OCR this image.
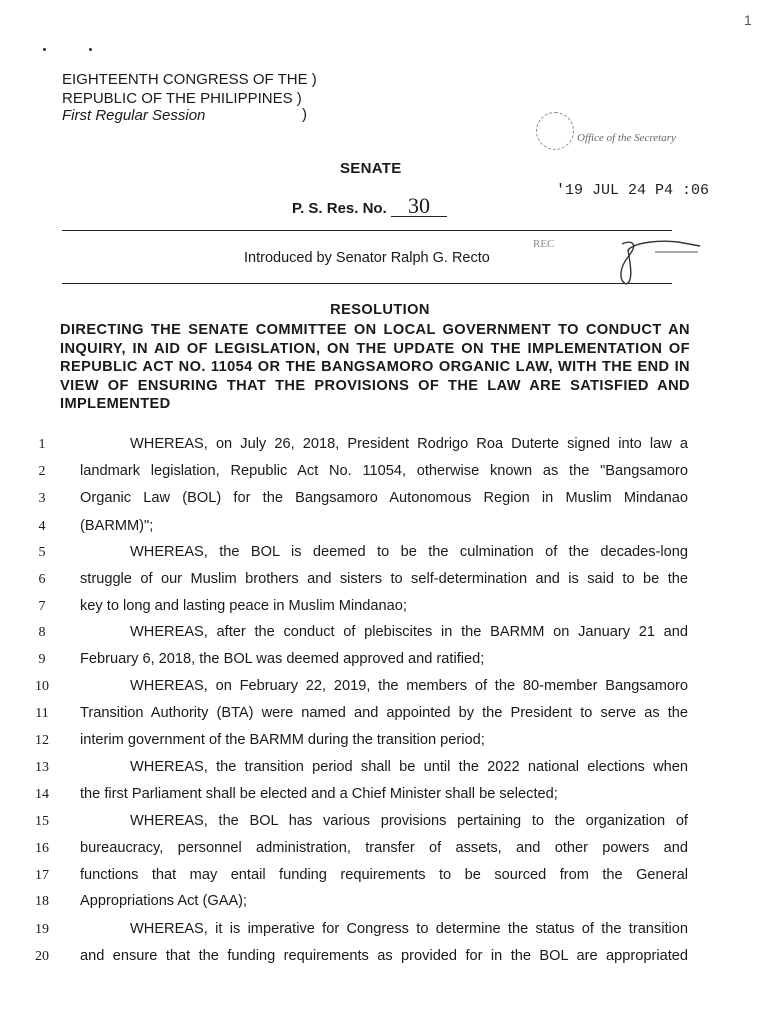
1
EIGHTEENTH CONGRESS OF THE )
REPUBLIC OF THE PHILIPPINES )
First Regular Session	)
Office of the Secretary
SENATE
'19 JUL 24 P4 :06
P. S. Res. No. 30
Introduced by Senator Ralph G. Recto
REC
RESOLUTION
DIRECTING THE SENATE COMMITTEE ON LOCAL GOVERNMENT TO CONDUCT AN INQUIRY, IN AID OF LEGISLATION, ON THE UPDATE ON THE IMPLEMENTATION OF REPUBLIC ACT NO. 11054 OR THE BANGSAMORO ORGANIC LAW, WITH THE END IN VIEW OF ENSURING THAT THE PROVISIONS OF THE LAW ARE SATISFIED AND IMPLEMENTED
1	WHEREAS, on July 26, 2018, President Rodrigo Roa Duterte signed into law a
2	landmark legislation, Republic Act No. 11054, otherwise known as the "Bangsamoro
3	Organic Law (BOL) for the Bangsamoro Autonomous Region in Muslim Mindanao
4	(BARMM)";
5	WHEREAS, the BOL is deemed to be the culmination of the decades-long
6	struggle of our Muslim brothers and sisters to self-determination and is said to be the
7	key to long and lasting peace in Muslim Mindanao;
8	WHEREAS, after the conduct of plebiscites in the BARMM on January 21 and
9	February 6, 2018, the BOL was deemed approved and ratified;
10	WHEREAS, on February 22, 2019, the members of the 80-member Bangsamoro
11	Transition Authority (BTA) were named and appointed by the President to serve as the
12	interim government of the BARMM during the transition period;
13	WHEREAS, the transition period shall be until the 2022 national elections when
14	the first Parliament shall be elected and a Chief Minister shall be selected;
15	WHEREAS, the BOL has various provisions pertaining to the organization of
16	bureaucracy, personnel administration, transfer of assets, and other powers and
17	functions that may entail funding requirements to be sourced from the General
18	Appropriations Act (GAA);
19	WHEREAS, it is imperative for Congress to determine the status of the transition
20	and ensure that the funding requirements as provided for in the BOL are appropriated
